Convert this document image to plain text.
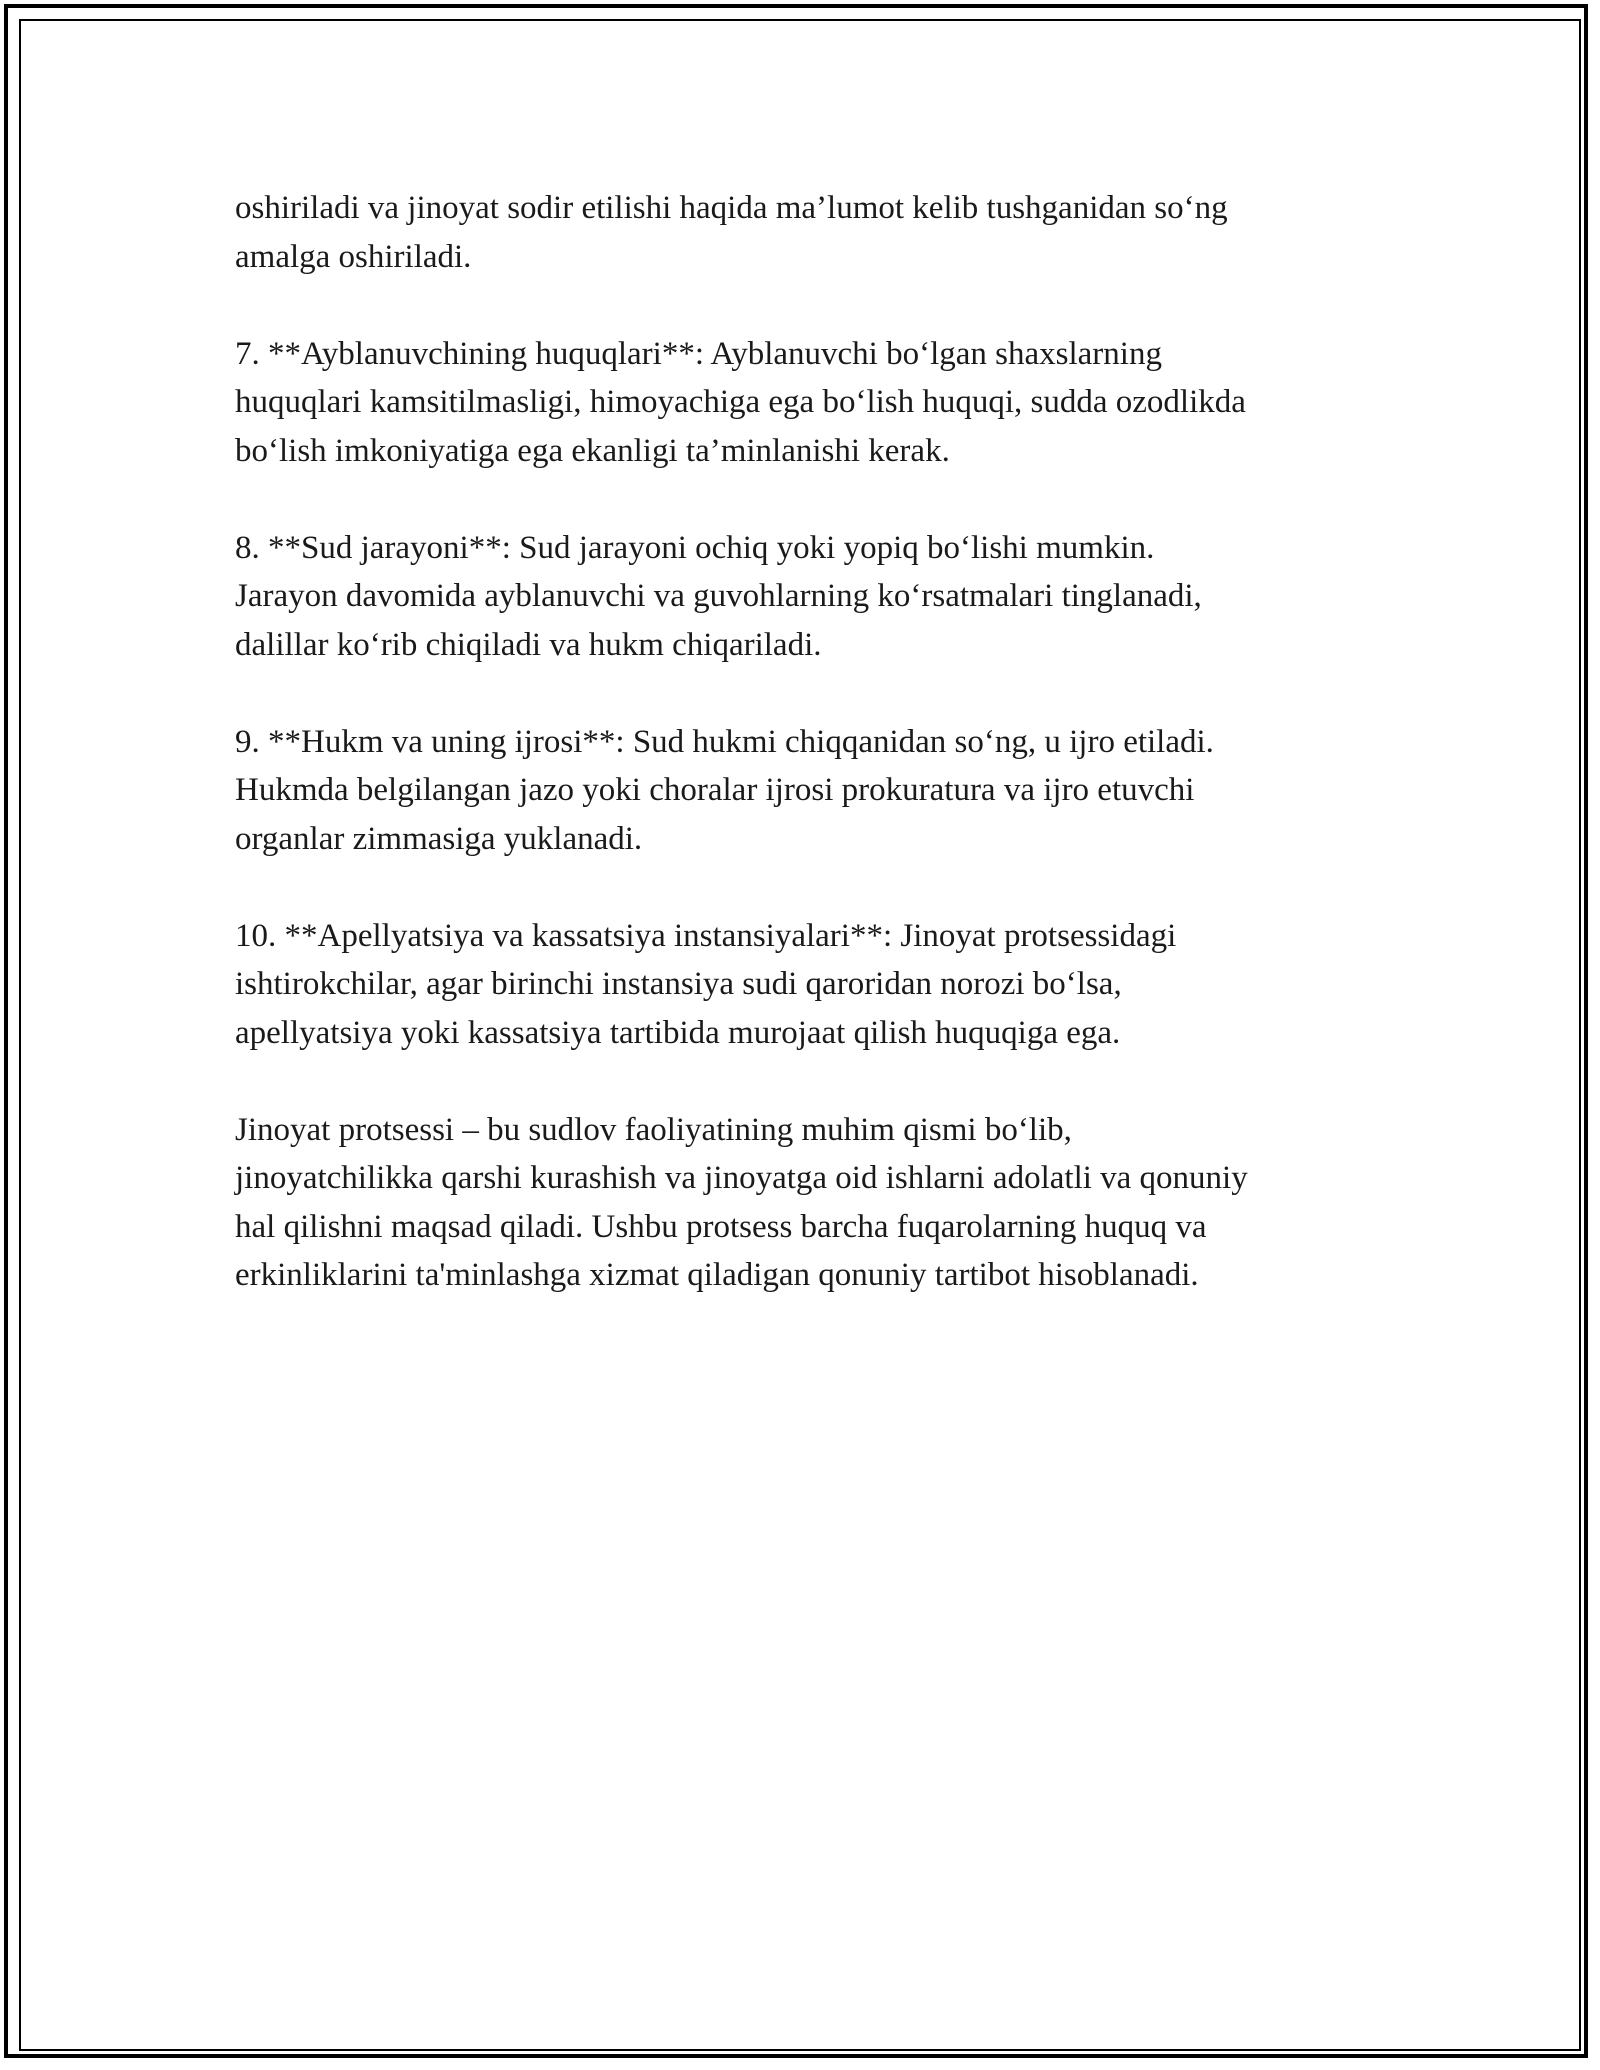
oshiriladi va jinoyat sodir etilishi haqida ma’lumot kelib tushganidan so‘ng
amalga oshiriladi.
7. **Ayblanuvchining huquqlari**: Ayblanuvchi bo‘lgan shaxslarning
huquqlari kamsitilmasligi, himoyachiga ega bo‘lish huquqi, sudda ozodlikda
bo‘lish imkoniyatiga ega ekanligi ta’minlanishi kerak.
8. **Sud jarayoni**: Sud jarayoni ochiq yoki yopiq bo‘lishi mumkin.
Jarayon davomida ayblanuvchi va guvohlarning ko‘rsatmalari tinglanadi,
dalillar ko‘rib chiqiladi va hukm chiqariladi.
9. **Hukm va uning ijrosi**: Sud hukmi chiqqanidan so‘ng, u ijro etiladi.
Hukmda belgilangan jazo yoki choralar ijrosi prokuratura va ijro etuvchi
organlar zimmasiga yuklanadi.
10. **Apellyatsiya va kassatsiya instansiyalari**: Jinoyat protsessidagi
ishtirokchilar, agar birinchi instansiya sudi qaroridan norozi bo‘lsa,
apellyatsiya yoki kassatsiya tartibida murojaat qilish huquqiga ega.
Jinoyat protsessi – bu sudlov faoliyatining muhim qismi bo‘lib,
jinoyatchilikka qarshi kurashish va jinoyatga oid ishlarni adolatli va qonuniy
hal qilishni maqsad qiladi. Ushbu protsess barcha fuqarolarning huquq va
erkinliklarini ta'minlashga xizmat qiladigan qonuniy tartibot hisoblanadi.
